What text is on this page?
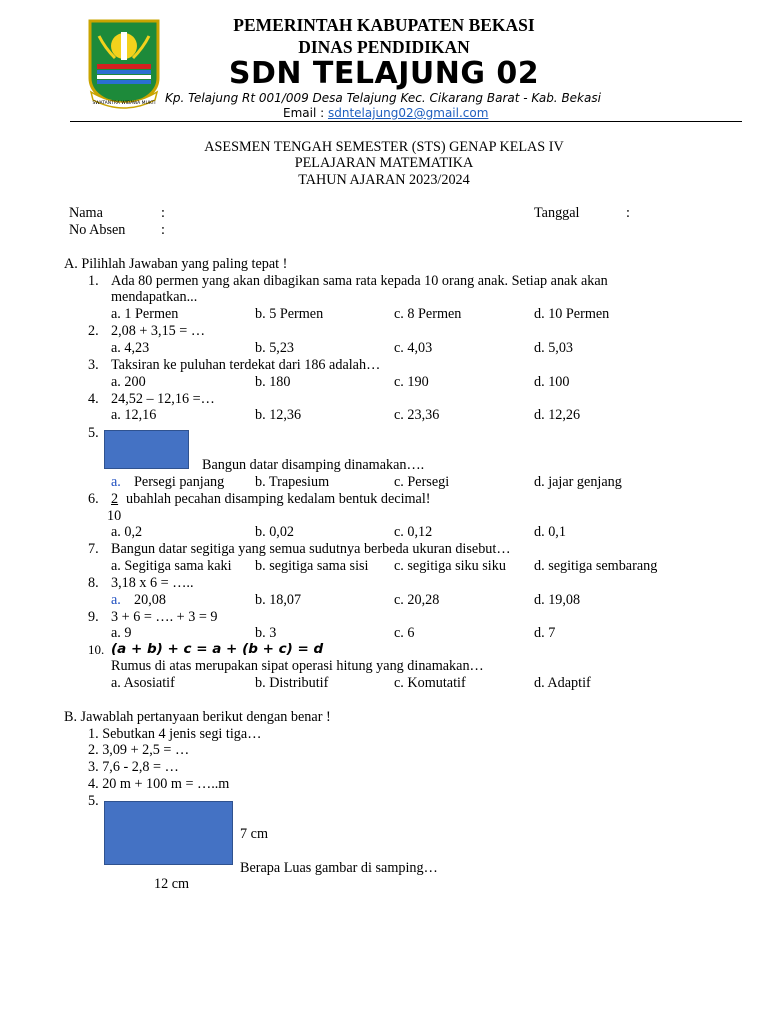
SWATANTRA WIBAWA MUKTI
PEMERINTAH KABUPATEN BEKASI
DINAS PENDIDIKAN
SDN TELAJUNG 02
Kp. Telajung Rt 001/009 Desa Telajung Kec. Cikarang Barat - Kab. Bekasi
Email : sdntelajung02@gmail.com
ASESMEN TENGAH SEMESTER (STS) GENAP KELAS IV
PELAJARAN MATEMATIKA
TAHUN AJARAN 2023/2024
Nama	:	Tanggal	:
No Absen	:
A. Pilihlah Jawaban yang paling tepat !
1. Ada 80 permen yang akan dibagikan sama rata kepada 10 orang anak. Setiap anak akan
mendapatkan...
a. 1 Permen	b. 5 Permen	c. 8 Permen	d. 10 Permen
2. 2,08 + 3,15 = …
a. 4,23	b. 5,23	c. 4,03	d. 5,03
3. Taksiran ke puluhan terdekat dari 186 adalah…
a. 200	b. 180	c. 190	d. 100
4. 24,52 – 12,16 =…
a. 12,16	b. 12,36	c. 23,36	d. 12,26
5.
Bangun datar disamping dinamakan….
a. Persegi panjang b. Trapesium	c. Persegi	d. jajar genjang
6. 2 ubahlah pecahan disamping kedalam bentuk decimal!
10
a. 0,2	b. 0,02	c. 0,12	d. 0,1
7. Bangun datar segitiga yang semua sudutnya berbeda ukuran disebut…
a. Segitiga sama kaki b. segitiga sama sisi c. segitiga siku siku d. segitiga sembarang
8. 3,18 x 6 = …..
a. 20,08	b. 18,07	c. 20,28	d. 19,08
9. 3 + 6 = …. + 3 = 9
a. 9	b. 3	c. 6	d. 7
10. (a + b) + c = a + (b + c) = d
Rumus di atas merupakan sipat operasi hitung yang dinamakan…
a. Asosiatif	b. Distributif	c. Komutatif	d. Adaptif
B. Jawablah pertanyaan berikut dengan benar !
1. Sebutkan 4 jenis segi tiga…
2. 3,09 + 2,5 = …
3. 7,6 - 2,8 = …
4. 20 m + 100 m = …..m
5.
7 cm
Berapa Luas gambar di samping…
12 cm
